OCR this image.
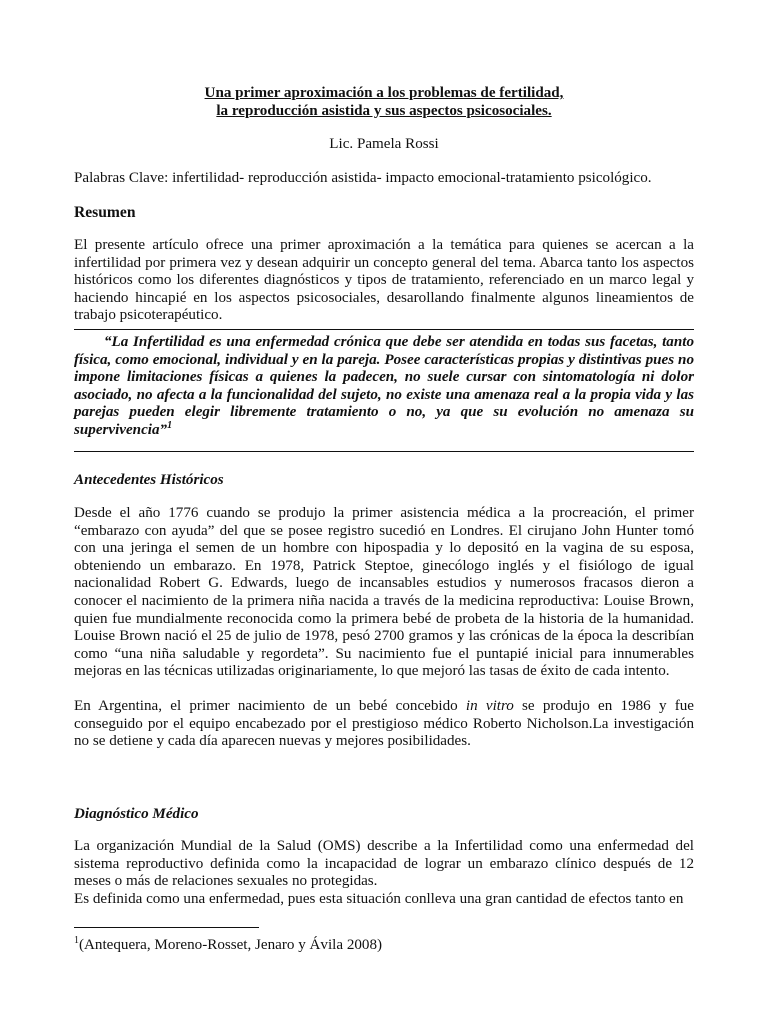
Una primer aproximación a los problemas de fertilidad,
la reproducción asistida y sus aspectos psicosociales.
Lic. Pamela Rossi
Palabras Clave: infertilidad- reproducción asistida- impacto emocional-tratamiento psicológico.
Resumen
El presente artículo ofrece una primer aproximación a la temática para quienes se acercan a la infertilidad por primera vez y desean adquirir un concepto general del tema. Abarca tanto los aspectos históricos como los diferentes diagnósticos y tipos de tratamiento, referenciado en un marco legal y haciendo hincapié en los aspectos psicosociales, desarollando finalmente algunos lineamientos de trabajo psicoterapéutico.
“La Infertilidad es una enfermedad crónica que debe ser atendida en todas sus facetas, tanto física, como emocional, individual y en la pareja. Posee características propias y distintivas pues no impone limitaciones físicas a quienes la padecen, no suele cursar con sintomatología ni dolor asociado, no afecta a la funcionalidad del sujeto, no existe una amenaza real a la propia vida y las parejas pueden elegir libremente tratamiento o no, ya que su evolución no amenaza su supervivencia”$^1$
Antecedentes Históricos
Desde el año 1776 cuando se produjo la primer asistencia médica a la procreación, el primer “embarazo con ayuda” del que se posee registro sucedió en Londres. El cirujano John Hunter tomó con una jeringa el semen de un hombre con hipospadia y lo depositó en la vagina de su esposa, obteniendo un embarazo. En 1978, Patrick Steptoe, ginecólogo inglés y el fisiólogo de igual nacionalidad Robert G. Edwards, luego de incansables estudios y numerosos fracasos dieron a conocer el nacimiento de la primera niña nacida a través de la medicina reproductiva: Louise Brown, quien fue mundialmente reconocida como la primera bebé de probeta de la historia de la humanidad. Louise Brown nació el 25 de julio de 1978, pesó 2700 gramos y las crónicas de la época la describían como “una niña saludable y regordeta”. Su nacimiento fue el puntapié inicial para innumerables mejoras en las técnicas utilizadas originariamente, lo que mejoró las tasas de éxito de cada intento.
En Argentina, el primer nacimiento de un bebé concebido in vitro se produjo en 1986 y fue conseguido por el equipo encabezado por el prestigioso médico Roberto Nicholson.La investigación no se detiene y cada día aparecen nuevas y mejores posibilidades.
Diagnóstico Médico
La organización Mundial de la Salud (OMS) describe a la Infertilidad como una enfermedad del sistema reproductivo definida como la incapacidad de lograr un embarazo clínico después de 12 meses o más de relaciones sexuales no protegidas.
Es definida como una enfermedad, pues esta situación conlleva una gran cantidad de efectos tanto en
$^1$(Antequera, Moreno-Rosset, Jenaro y Ávila 2008)
